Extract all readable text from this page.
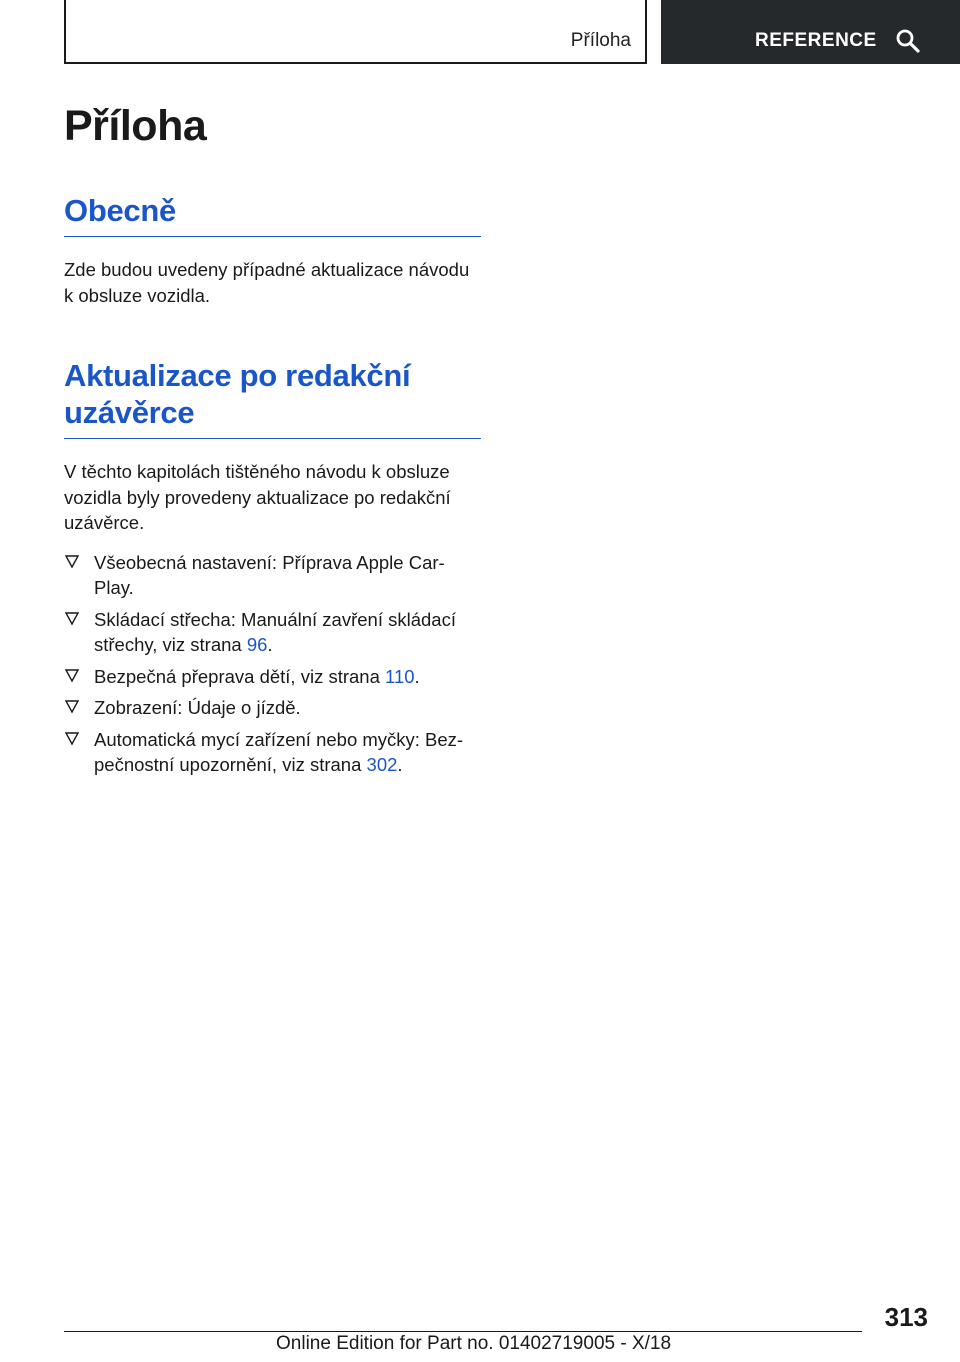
Příloha	REFERENCE
Příloha
Obecně

Zde budou uvedeny případné aktualizace návodu k obsluze vozidla.

Aktualizace po redakční
uzávěrce

V těchto kapitolách tištěného návodu k obsluze vozidla byly provedeny aktualizace po redakční uzávěrce.

Všeobecná nastavení: Příprava Apple Car‐Play.
Skládací střecha: Manuální zavření skládací střechy, viz strana 96.
Bezpečná přeprava dětí, viz strana 110.
Zobrazení: Údaje o jízdě.
Automatická mycí zařízení nebo myčky: Bez‐pečnostní upozornění, viz strana 302.
313
Online Edition for Part no. 01402719005 - X/18
